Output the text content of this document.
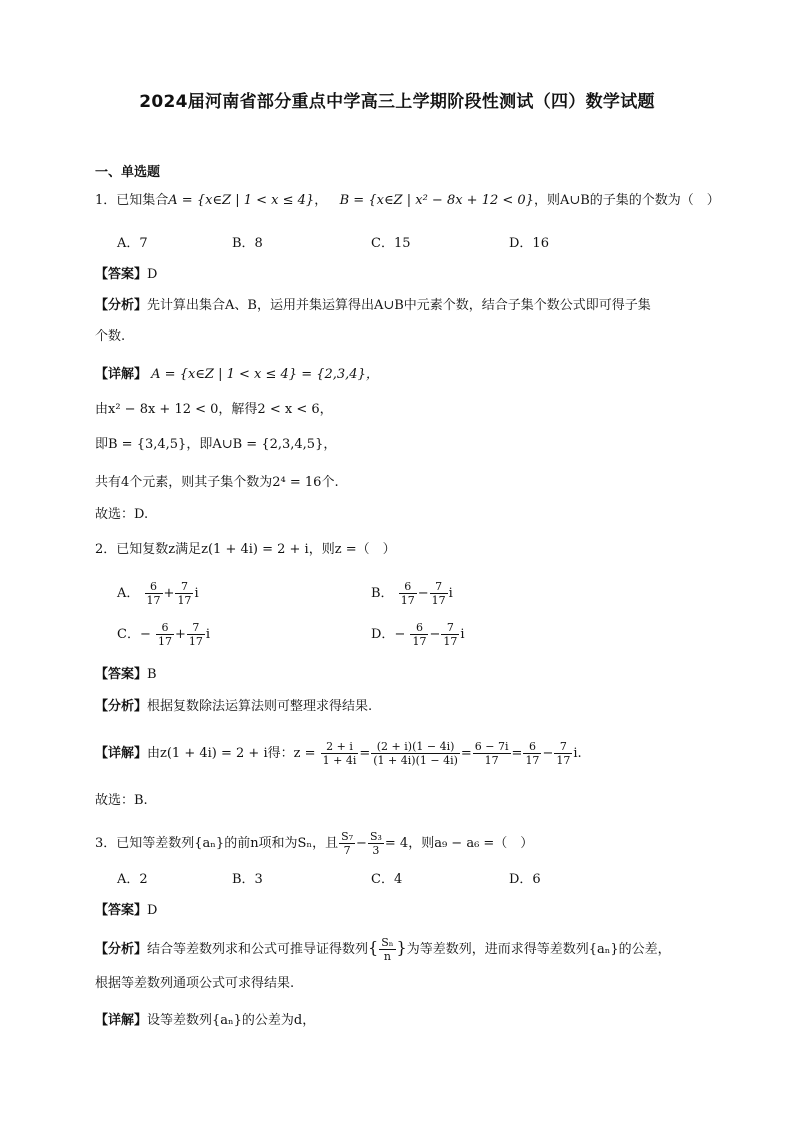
2024届河南省部分重点中学高三上学期阶段性测试（四）数学试题
一、单选题
1．已知集合A = {x∈Z | 1 < x ≤ 4}， B = {x∈Z | x² − 8x + 12 < 0}，则A∪B的子集的个数为（　）
A．7	B．8	C．15	D．16
【答案】D
【分析】先计算出集合A、B，运用并集运算得出A∪B中元素个数，结合子集个数公式即可得子集
个数.
【详解】 A = {x∈Z | 1 < x ≤ 4} = {2,3,4}，
由x² − 8x + 12 < 0，解得2 < x < 6，
即B = {3,4,5}，即A∪B = {2,3,4,5}，
共有4个元素，则其子集个数为2⁴ = 16个.
故选：D.
2．已知复数z满足z(1 + 4i) = 2 + i，则z =（　）
A． $\frac{6}{17} + \frac{7}{17}$ i	B． $\frac{6}{17} - \frac{7}{17}$ i
C．− $\frac{6}{17} + \frac{7}{17}$ i	D．− $\frac{6}{17} - \frac{7}{17}$ i
【答案】B
【分析】根据复数除法运算法则可整理求得结果.
【详解】由z(1 + 4i) = 2 + i得：$z = \frac{2 + i}{1 + 4i} = \frac{(2 + i)(1 - 4i)}{(1 + 4i)(1 - 4i)} = \frac{6 - 7i}{17} = \frac{6}{17} - \frac{7}{17} i$.
故选：B.
3．已知等差数列{aₙ}的前n项和为Sₙ，且 $\frac{\text{S₇}}{7} - \frac{\text{S₃}}{3} = 4$，则a₉ − a₆ =（　）
A．2	B．3	C．4	D．6
【答案】D
【分析】结合等差数列求和公式可推导证得数列{ $\frac{\text{Sₙ}}{n}$ }为等差数列，进而求得等差数列{aₙ}的公差，
根据等差数列通项公式可求得结果.
【详解】设等差数列{aₙ}的公差为d，
